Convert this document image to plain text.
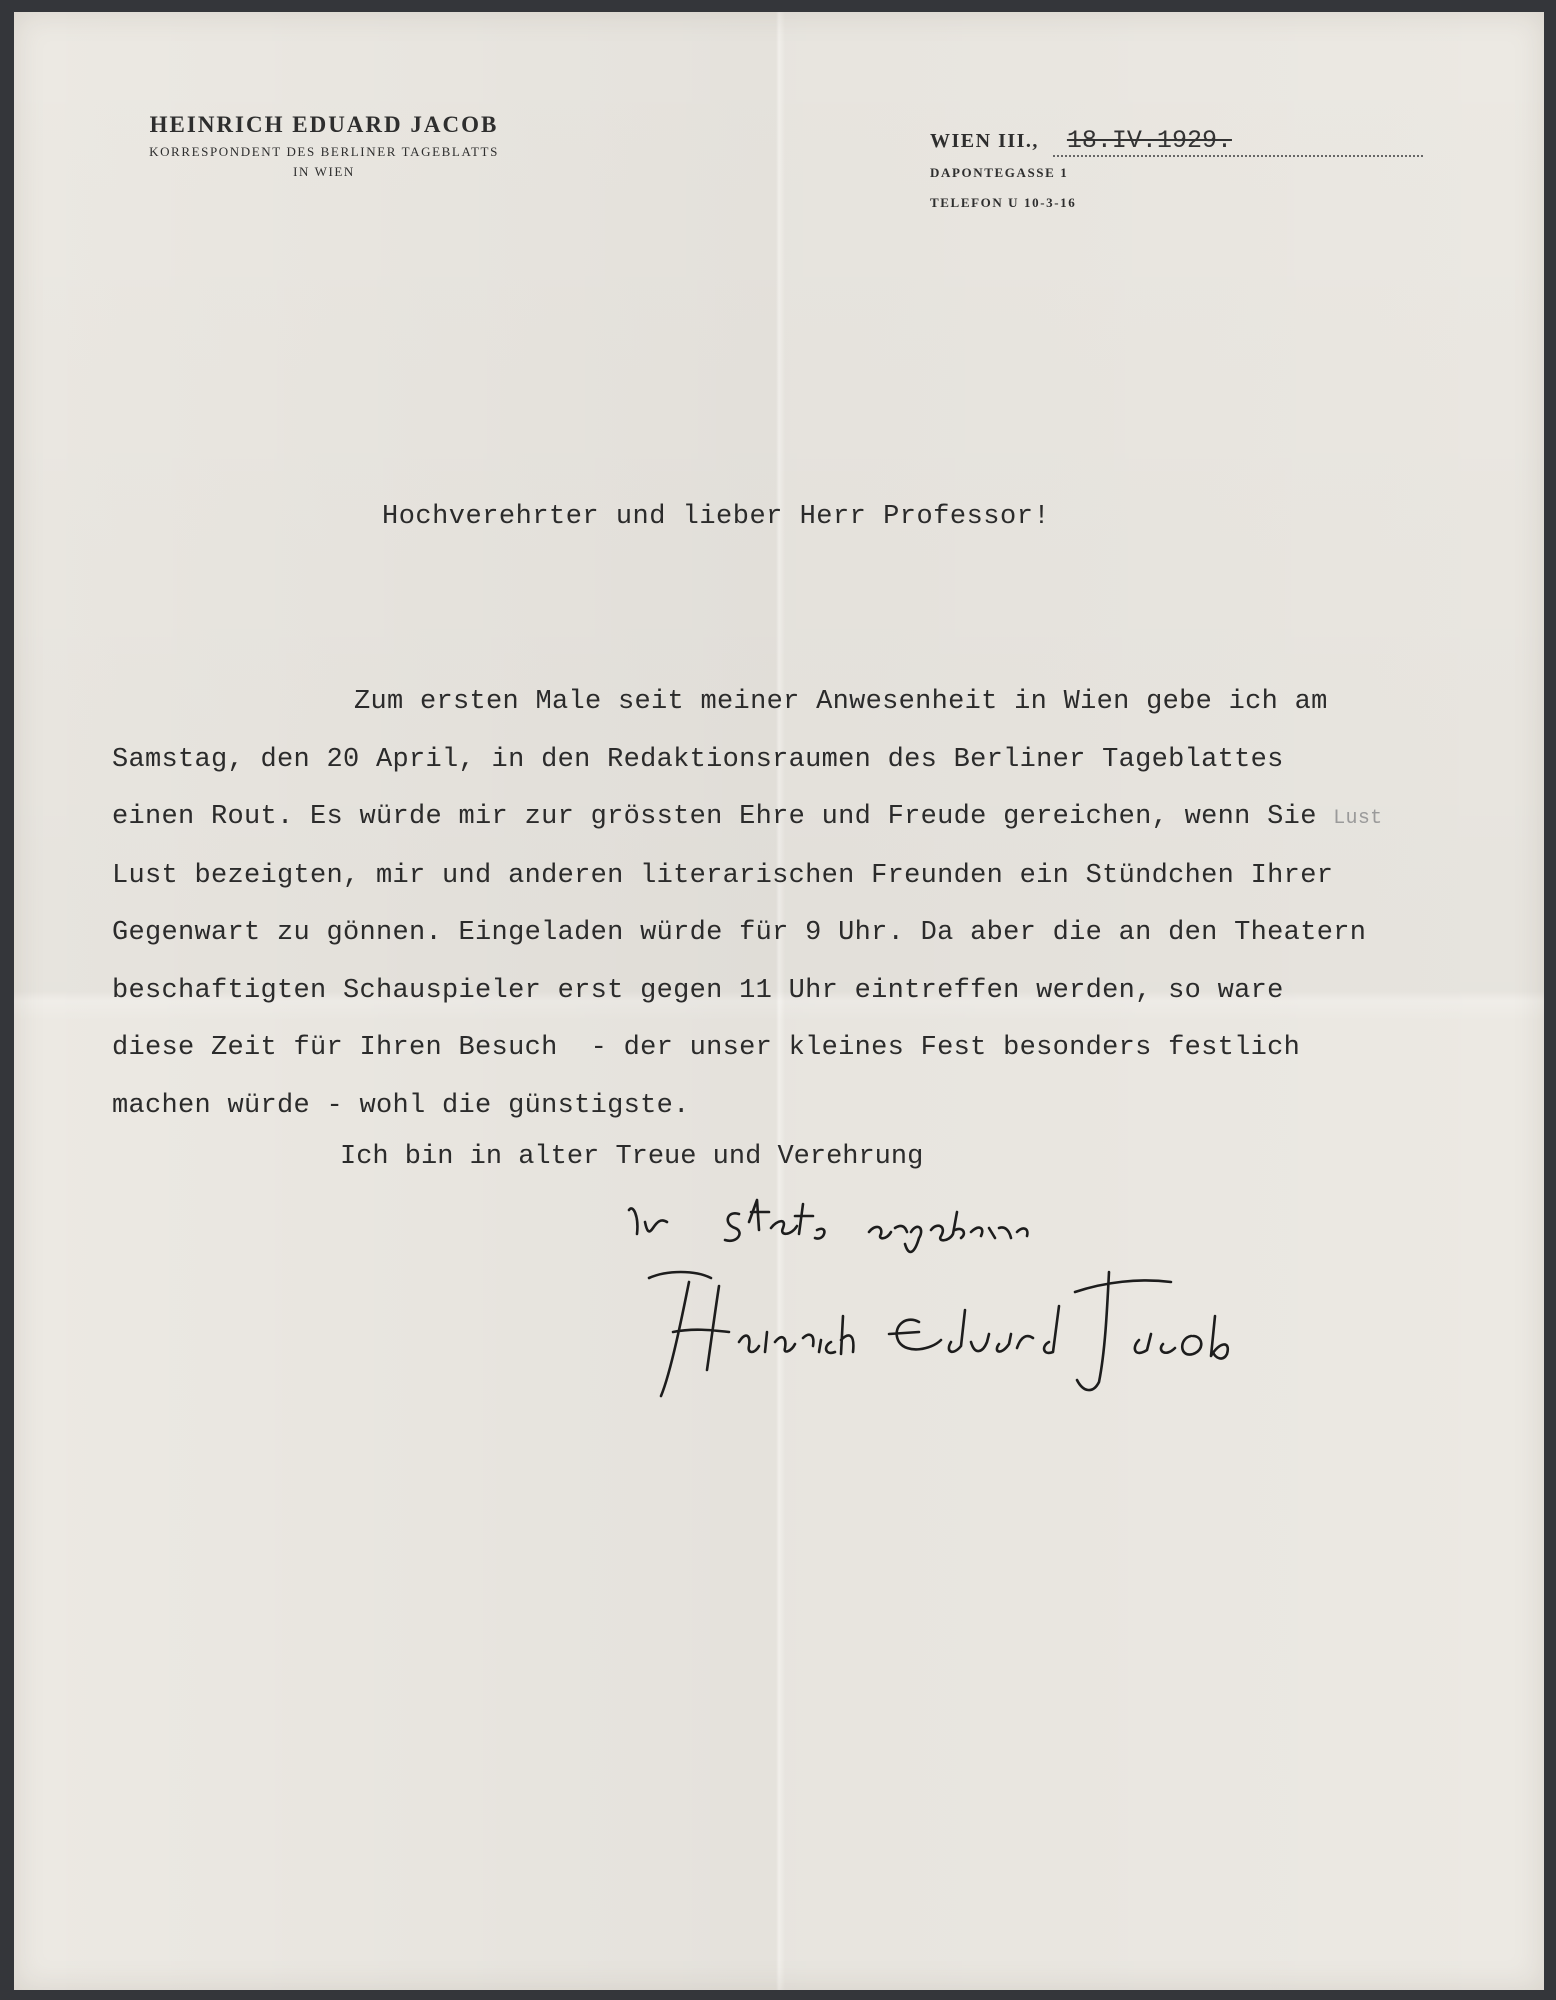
HEINRICH EDUARD JACOB
KORRESPONDENT DES BERLINER TAGEBLATTS
IN WIEN
WIEN III.,	18.IV.1929.
DAPONTEGASSE 1
TELEFON U 10-3-16
Hochverehrter und lieber Herr Professor!
Zum ersten Male seit meiner Anwesenheit in Wien gebe ich am
Samstag, den 20 April, in den Redaktionsraumen des Berliner Tageblattes
einen Rout. Es würde mir zur grössten Ehre und Freude gereichen, wenn Sie Lust
Lust bezeigten, mir und anderen literarischen Freunden ein Stündchen Ihrer
Gegenwart zu gönnen. Eingeladen würde für 9 Uhr. Da aber die an den Theatern
beschaftigten Schauspieler erst gegen 11 Uhr eintreffen werden, so ware
diese Zeit für Ihren Besuch  - der unser kleines Fest besonders festlich
machen würde - wohl die günstigste.
Ich bin in alter Treue und Verehrung
